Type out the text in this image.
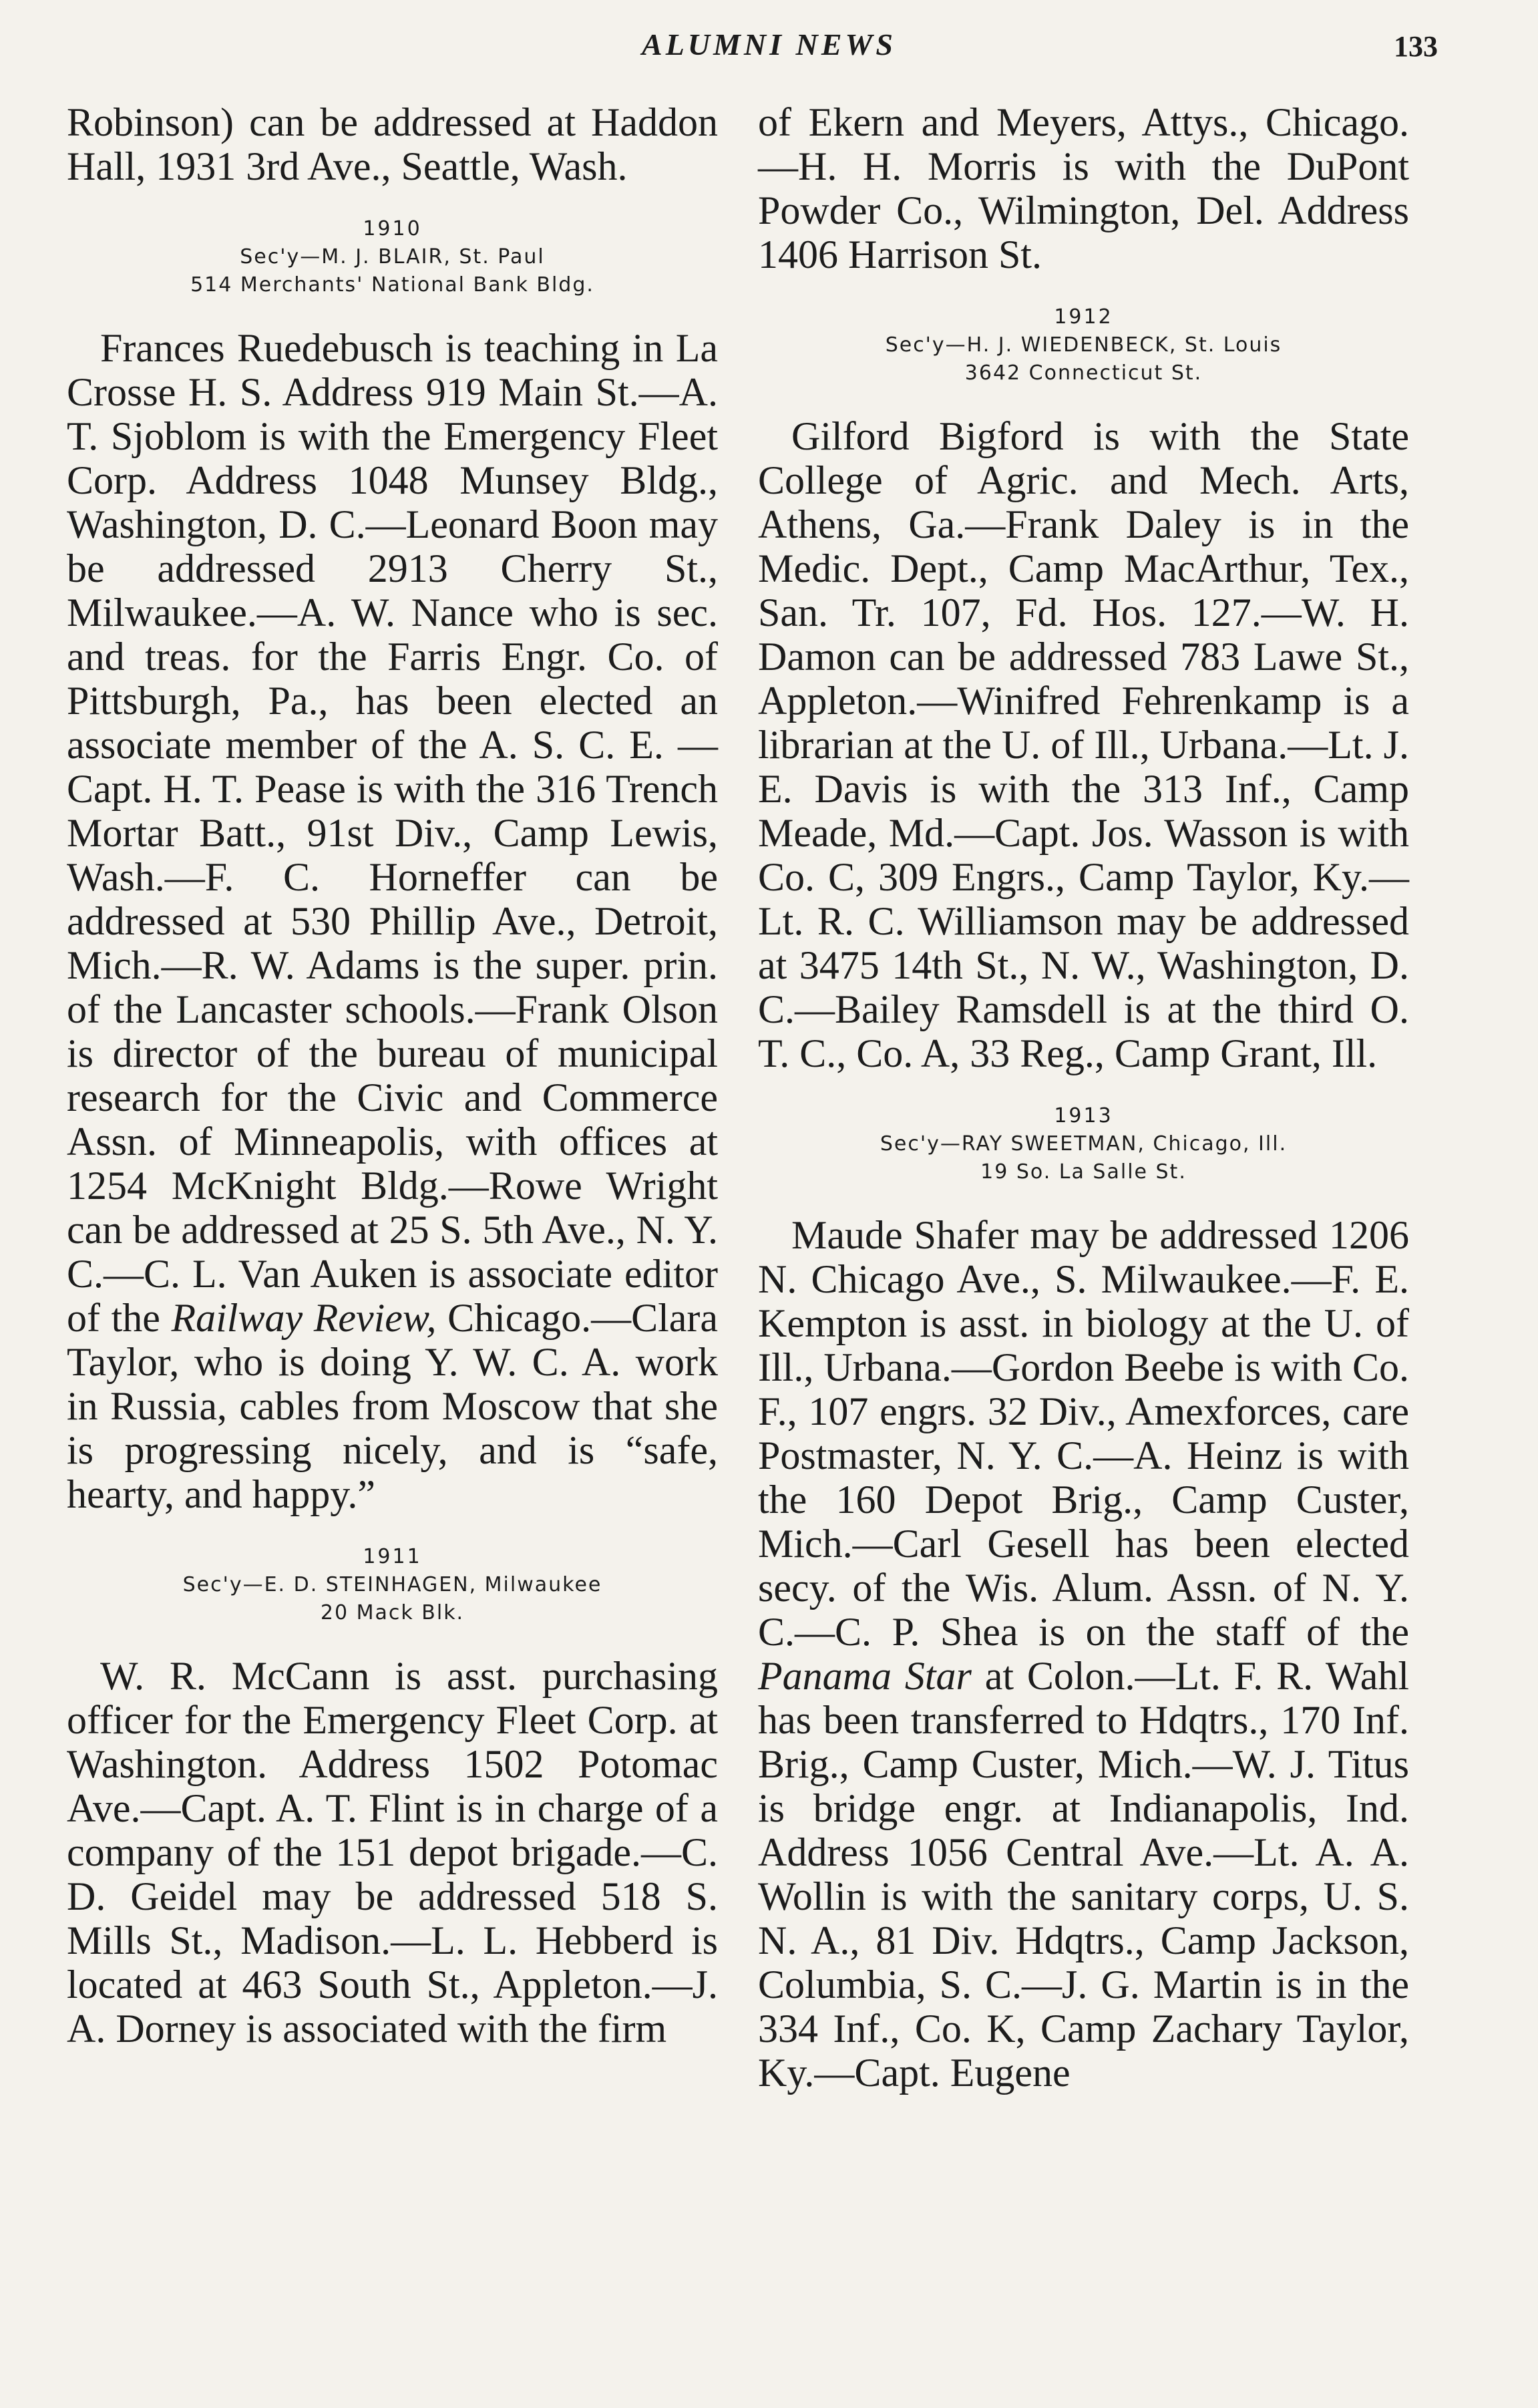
ALUMNI NEWS	133

Robinson) can be addressed at Haddon Hall, 1931 3rd Ave., Seattle, Wash.

1910
Sec'y—M. J. BLAIR, St. Paul
514 Merchants' National Bank Bldg.

Frances Ruedebusch is teaching in La Crosse H. S. Address 919 Main St.—A. T. Sjoblom is with the Emergency Fleet Corp. Address 1048 Munsey Bldg., Washington, D. C.—Leonard Boon may be addressed 2913 Cherry St., Milwaukee.—A. W. Nance who is sec. and treas. for the Farris Engr. Co. of Pittsburgh, Pa., has been elected an associate member of the A. S. C. E. —Capt. H. T. Pease is with the 316 Trench Mortar Batt., 91st Div., Camp Lewis, Wash.—F. C. Horneffer can be addressed at 530 Phillip Ave., Detroit, Mich.—R. W. Adams is the super. prin. of the Lancaster schools.—Frank Olson is director of the bureau of municipal research for the Civic and Commerce Assn. of Minneapolis, with offices at 1254 McKnight Bldg.—Rowe Wright can be addressed at 25 S. 5th Ave., N. Y. C.—C. L. Van Auken is associate editor of the Railway Review, Chicago.—Clara Taylor, who is doing Y. W. C. A. work in Russia, cables from Moscow that she is progressing nicely, and is “safe, hearty, and happy.”

1911
Sec'y—E. D. STEINHAGEN, Milwaukee
20 Mack Blk.

W. R. McCann is asst. purchasing officer for the Emergency Fleet Corp. at Washington. Address 1502 Potomac Ave.—Capt. A. T. Flint is in charge of a company of the 151 depot brigade.—C. D. Geidel may be addressed 518 S. Mills St., Madison.—L. L. Hebberd is located at 463 South St., Appleton.—J. A. Dorney is associated with the firm

of Ekern and Meyers, Attys., Chicago.—H. H. Morris is with the DuPont Powder Co., Wilmington, Del. Address 1406 Harrison St.

1912
Sec'y—H. J. WIEDENBECK, St. Louis
3642 Connecticut St.

Gilford Bigford is with the State College of Agric. and Mech. Arts, Athens, Ga.—Frank Daley is in the Medic. Dept., Camp MacArthur, Tex., San. Tr. 107, Fd. Hos. 127.—W. H. Damon can be addressed 783 Lawe St., Appleton.—Winifred Fehrenkamp is a librarian at the U. of Ill., Urbana.—Lt. J. E. Davis is with the 313 Inf., Camp Meade, Md.—Capt. Jos. Wasson is with Co. C, 309 Engrs., Camp Taylor, Ky.—Lt. R. C. Williamson may be addressed at 3475 14th St., N. W., Washington, D. C.—Bailey Ramsdell is at the third O. T. C., Co. A, 33 Reg., Camp Grant, Ill.

1913
Sec'y—RAY SWEETMAN, Chicago, Ill.
19 So. La Salle St.

Maude Shafer may be addressed 1206 N. Chicago Ave., S. Milwaukee.—F. E. Kempton is asst. in biology at the U. of Ill., Urbana.—Gordon Beebe is with Co. F., 107 engrs. 32 Div., Amexforces, care Postmaster, N. Y. C.—A. Heinz is with the 160 Depot Brig., Camp Custer, Mich.—Carl Gesell has been elected secy. of the Wis. Alum. Assn. of N. Y. C.—C. P. Shea is on the staff of the Panama Star at Colon.—Lt. F. R. Wahl has been transferred to Hdqtrs., 170 Inf. Brig., Camp Custer, Mich.—W. J. Titus is bridge engr. at Indianapolis, Ind. Address 1056 Central Ave.—Lt. A. A. Wollin is with the sanitary corps, U. S. N. A., 81 Div. Hdqtrs., Camp Jackson, Columbia, S. C.—J. G. Martin is in the 334 Inf., Co. K, Camp Zachary Taylor, Ky.—Capt. Eugene
